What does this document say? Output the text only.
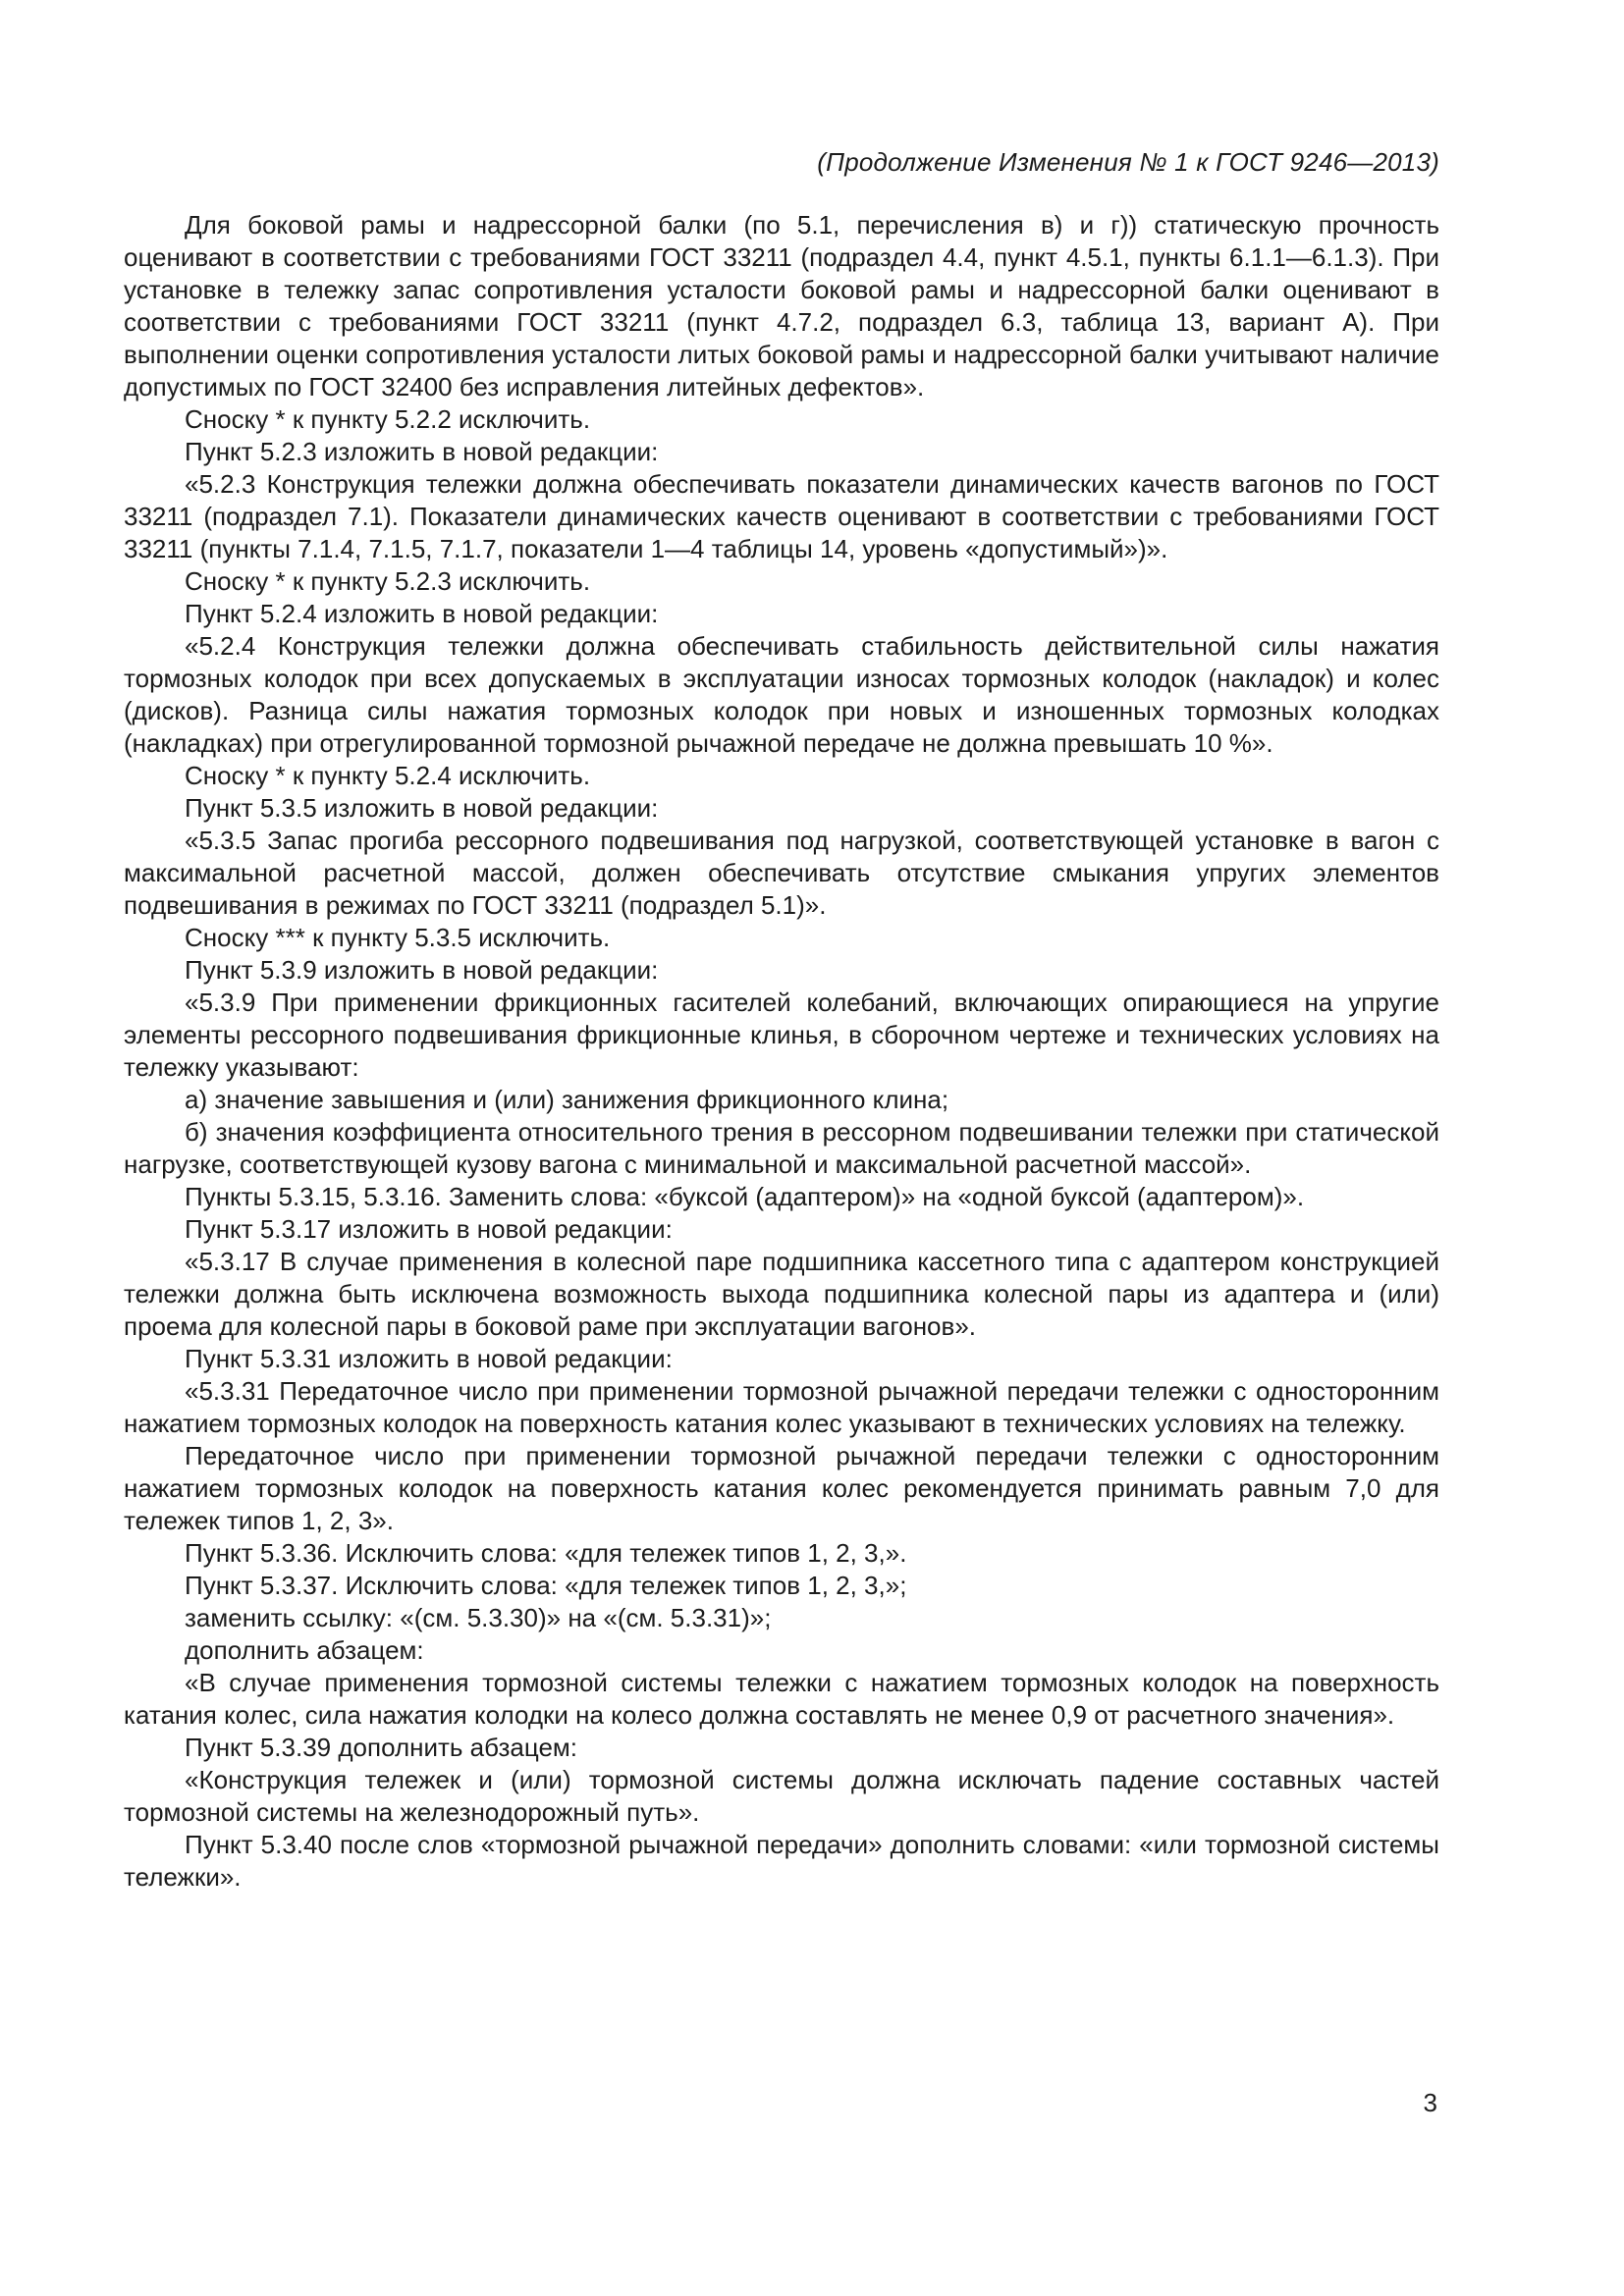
(Продолжение Изменения № 1 к ГОСТ 9246—2013)

Для боковой рамы и надрессорной балки (по 5.1, перечисления в) и г)) статическую прочность оценивают в соответствии с требованиями ГОСТ 33211 (подраздел 4.4, пункт 4.5.1, пункты 6.1.1—6.1.3). При установке в тележку запас сопротивления усталости боковой рамы и надрессорной балки оценивают в соответствии с требованиями ГОСТ 33211 (пункт 4.7.2, подраздел 6.3, таблица 13, вариант А). При выполнении оценки сопротивления усталости литых боковой рамы и надрессорной балки учитывают наличие допустимых по ГОСТ 32400 без исправления литейных дефектов».

Сноску * к пункту 5.2.2 исключить.

Пункт 5.2.3 изложить в новой редакции:

«5.2.3 Конструкция тележки должна обеспечивать показатели динамических качеств вагонов по ГОСТ 33211 (подраздел 7.1). Показатели динамических качеств оценивают в соответствии с требованиями ГОСТ 33211 (пункты 7.1.4, 7.1.5, 7.1.7, показатели 1—4 таблицы 14, уровень «допустимый»)».

Сноску * к пункту 5.2.3 исключить.

Пункт 5.2.4 изложить в новой редакции:

«5.2.4 Конструкция тележки должна обеспечивать стабильность действительной силы нажатия тормозных колодок при всех допускаемых в эксплуатации износах тормозных колодок (накладок) и колес (дисков). Разница силы нажатия тормозных колодок при новых и изношенных тормозных колодках (накладках) при отрегулированной тормозной рычажной передаче не должна превышать 10 %».

Сноску * к пункту 5.2.4 исключить.

Пункт 5.3.5 изложить в новой редакции:

«5.3.5 Запас прогиба рессорного подвешивания под нагрузкой, соответствующей установке в вагон с максимальной расчетной массой, должен обеспечивать отсутствие смыкания упругих элементов подвешивания в режимах по ГОСТ 33211 (подраздел 5.1)».

Сноску *** к пункту 5.3.5 исключить.

Пункт 5.3.9 изложить в новой редакции:

«5.3.9 При применении фрикционных гасителей колебаний, включающих опирающиеся на упругие элементы рессорного подвешивания фрикционные клинья, в сборочном чертеже и технических условиях на тележку указывают:

а) значение завышения и (или) занижения фрикционного клина;

б) значения коэффициента относительного трения в рессорном подвешивании тележки при статической нагрузке, соответствующей кузову вагона с минимальной и максимальной расчетной массой».

Пункты 5.3.15, 5.3.16. Заменить слова: «буксой (адаптером)» на «одной буксой (адаптером)».

Пункт 5.3.17 изложить в новой редакции:

«5.3.17 В случае применения в колесной паре подшипника кассетного типа с адаптером конструкцией тележки должна быть исключена возможность выхода подшипника колесной пары из адаптера и (или) проема для колесной пары в боковой раме при эксплуатации вагонов».

Пункт 5.3.31 изложить в новой редакции:

«5.3.31 Передаточное число при применении тормозной рычажной передачи тележки с односторонним нажатием тормозных колодок на поверхность катания колес указывают в технических условиях на тележку.

Передаточное число при применении тормозной рычажной передачи тележки с односторонним нажатием тормозных колодок на поверхность катания колес рекомендуется принимать равным 7,0 для тележек типов 1, 2, 3».

Пункт 5.3.36. Исключить слова: «для тележек типов 1, 2, 3,».

Пункт 5.3.37. Исключить слова: «для тележек типов 1, 2, 3,»;

заменить ссылку: «(см. 5.3.30)» на «(см. 5.3.31)»;

дополнить абзацем:

«В случае применения тормозной системы тележки с нажатием тормозных колодок на поверхность катания колес, сила нажатия колодки на колесо должна составлять не менее 0,9 от расчетного значения».

Пункт 5.3.39 дополнить абзацем:

«Конструкция тележек и (или) тормозной системы должна исключать падение составных частей тормозной системы на железнодорожный путь».

Пункт 5.3.40 после слов «тормозной рычажной передачи» дополнить словами: «или тормозной системы тележки».

3
